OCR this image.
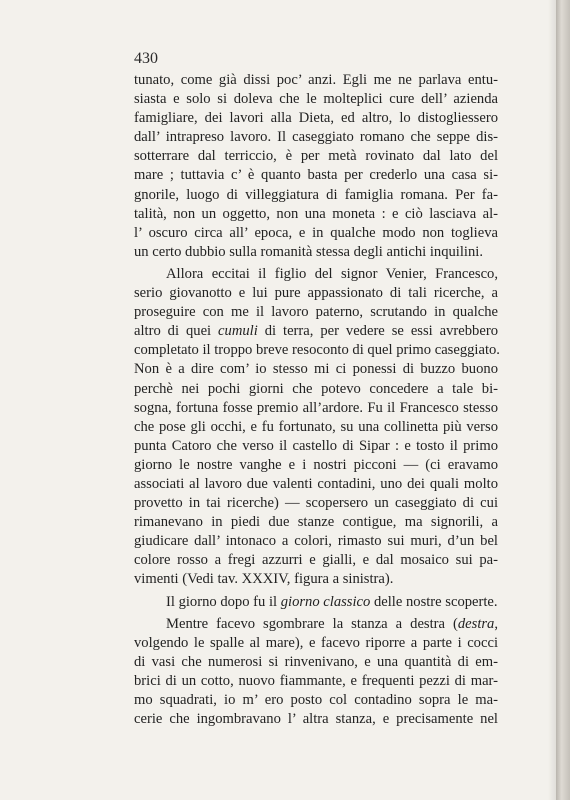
430
tunato, come già dissi poc’ anzi. Egli me ne parlava entu-
siasta e solo si doleva che le molteplici cure dell’ azienda
famigliare, dei lavori alla Dieta, ed altro, lo distogliessero
dall’ intrapreso lavoro. Il caseggiato romano che seppe dis-
sotterrare dal terriccio, è per metà rovinato dal lato del
mare ; tuttavia c’ è quanto basta per crederlo una casa si-
gnorile, luogo di villeggiatura di famiglia romana. Per fa-
talità, non un oggetto, non una moneta : e ciò lasciava al-
l’ oscuro circa all’ epoca, e in qualche modo non toglieva
un certo dubbio sulla romanità stessa degli antichi inquilini.
Allora eccitai il figlio del signor Venier, Francesco,
serio giovanotto e lui pure appassionato di tali ricerche, a
proseguire con me il lavoro paterno, scrutando in qualche
altro di quei cumuli di terra, per vedere se essi avrebbero
completato il troppo breve resoconto di quel primo caseggiato.
Non è a dire com’ io stesso mi ci ponessi di buzzo buono
perchè nei pochi giorni che potevo concedere a tale bi-
sogna, fortuna fosse premio all’ardore. Fu il Francesco stesso
che pose gli occhi, e fu fortunato, su una collinetta più verso
punta Catoro che verso il castello di Sipar : e tosto il primo
giorno le nostre vanghe e i nostri picconi — (ci eravamo
associati al lavoro due valenti contadini, uno dei quali molto
provetto in tai ricerche) — scopersero un caseggiato di cui
rimanevano in piedi due stanze contigue, ma signorili, a
giudicare dall’ intonaco a colori, rimasto sui muri, d’un bel
colore rosso a fregi azzurri e gialli, e dal mosaico sui pa-
vimenti (Vedi tav. XXXIV, figura a sinistra).
Il giorno dopo fu il giorno classico delle nostre scoperte.
Mentre facevo sgombrare la stanza a destra (destra,
volgendo le spalle al mare), e facevo riporre a parte i cocci
di vasi che numerosi si rinvenivano, e una quantità di em-
brici di un cotto, nuovo fiammante, e frequenti pezzi di mar-
mo squadrati, io m’ ero posto col contadino sopra le ma-
cerie che ingombravano l’ altra stanza, e precisamente nel
